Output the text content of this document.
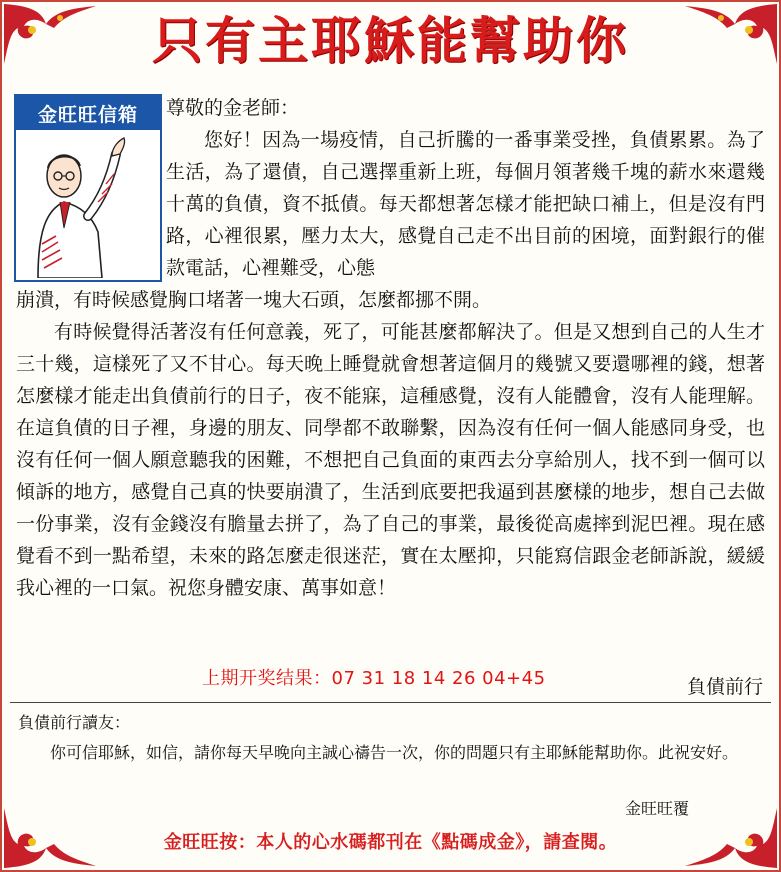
只有主耶穌能幫助你
金旺旺信箱	尊敬的金老師：

您好！因為一場疫情，自己折騰的一番事業受挫，負債累累。為了生活，為了還債，自己選擇重新上班，每個月領著幾千塊的薪水來還幾十萬的負債，資不抵債。每天都想著怎樣才能把缺口補上，但是沒有門路，心裡很累，壓力太大，感覺自己走不出目前的困境，面對銀行的催款電話，心裡難受，心態

崩潰，有時候感覺胸口堵著一塊大石頭，怎麼都挪不開。

有時候覺得活著沒有任何意義，死了，可能甚麼都解決了。但是又想到自己的人生才三十幾，這樣死了又不甘心。每天晚上睡覺就會想著這個月的幾號又要還哪裡的錢，想著怎麼樣才能走出負債前行的日子，夜不能寐，這種感覺，沒有人能體會，沒有人能理解。在這負債的日子裡，身邊的朋友、同學都不敢聯繫，因為沒有任何一個人能感同身受，也沒有任何一個人願意聽我的困難，不想把自己負面的東西去分享給別人，找不到一個可以傾訴的地方，感覺自己真的快要崩潰了，生活到底要把我逼到甚麼樣的地步，想自己去做一份事業，沒有金錢沒有膽量去拼了，為了自己的事業，最後從高處摔到泥巴裡。現在感覺看不到一點希望，未來的路怎麼走很迷茫，實在太壓抑，只能寫信跟金老師訴說，緩緩我心裡的一口氣。祝您身體安康、萬事如意！

上期开奖结果：07 31 18 14 26 04+45	負債前行

負債前行讀友：

你可信耶穌，如信，請你每天早晚向主誠心禱告一次，你的問題只有主耶穌能幫助你。此祝安好。

金旺旺覆
金旺旺按：本人的心水碼都刊在《點碼成金》，請查閱。
